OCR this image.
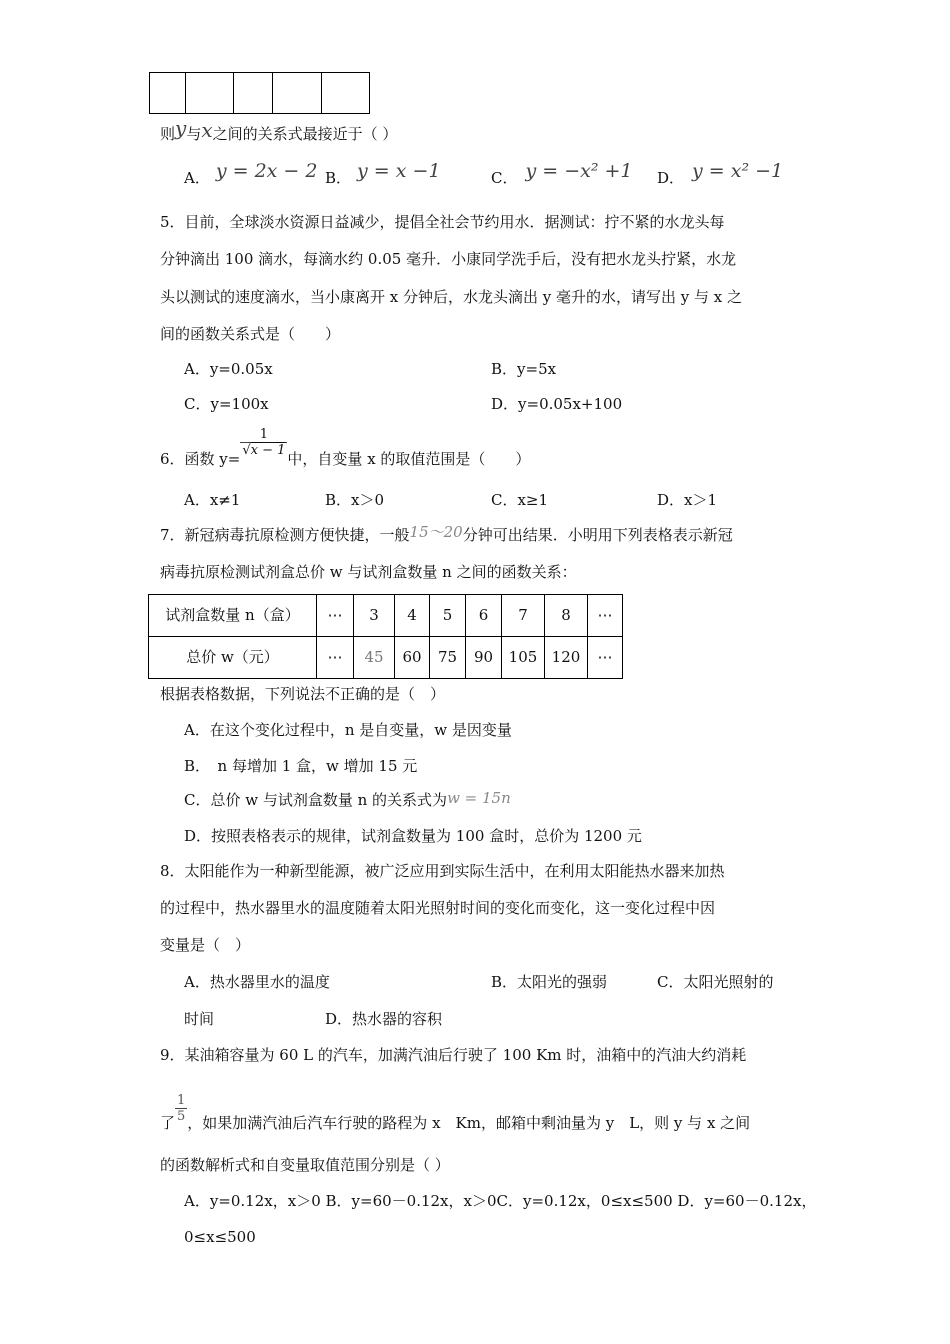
则y与x之间的关系式最接近于（ ）
A． y = 2x − 2 B． y = x −1	C． y = −x² +1 D． y = x² −1
5．目前，全球淡水资源日益减少，提倡全社会节约用水．据测试：拧不紧的水龙头每
分钟滴出 100 滴水，每滴水约 0.05 毫升．小康同学洗手后，没有把水龙头拧紧，水龙
头以测试的速度滴水，当小康离开 x 分钟后，水龙头滴出 y 毫升的水，请写出 y 与 x 之
间的函数关系式是（　　）
A．y=0.05x	B．y=5x
C．y=100x	D．y=0.05x+100
6．函数 y=
$\frac{1}{√x - 1}$
中，自变量 x 的取值范围是（　　）
A．x≠1	B．x＞0	C．x≥1	D．x＞1
7．新冠病毒抗原检测方便快捷，一般15～20分钟可出结果．小明用下列表格表示新冠
病毒抗原检测试剂盒总价 w 与试剂盒数量 n 之间的函数关系：
试剂盒数量 n（盒）	⋯	3	4	5	6	7	8	⋯
总价 w（元）	⋯	45	60	75	90	105	120	⋯
根据表格数据，下列说法不正确的是（　）
A．在这个变化过程中，n 是自变量，w 是因变量
B．　n 每增加 1 盒，w 增加 15 元
C．总价 w 与试剂盒数量 n 的关系式为w = 15n
D．按照表格表示的规律，试剂盒数量为 100 盒时，总价为 1200 元
8．太阳能作为一种新型能源，被广泛应用到实际生活中，在利用太阳能热水器来加热
的过程中，热水器里水的温度随着太阳光照射时间的变化而变化，这一变化过程中因
变量是（　）
A．热水器里水的温度	B．太阳光的强弱	C．太阳光照射的
时间	D．热水器的容积
9．某油箱容量为 60 L 的汽车，加满汽油后行驶了 100 Km 时，油箱中的汽油大约消耗
了 $\frac{1}{5}$ ，如果加满汽油后汽车行驶的路程为 x　Km，邮箱中剩油量为 y　L，则 y 与 x 之间
的函数解析式和自变量取值范围分别是（ ）
A．y=0.12x，x＞0 B．y=60－0.12x，x＞0C．y=0.12x，0≤x≤500 D．y=60－0.12x，
0≤x≤500
